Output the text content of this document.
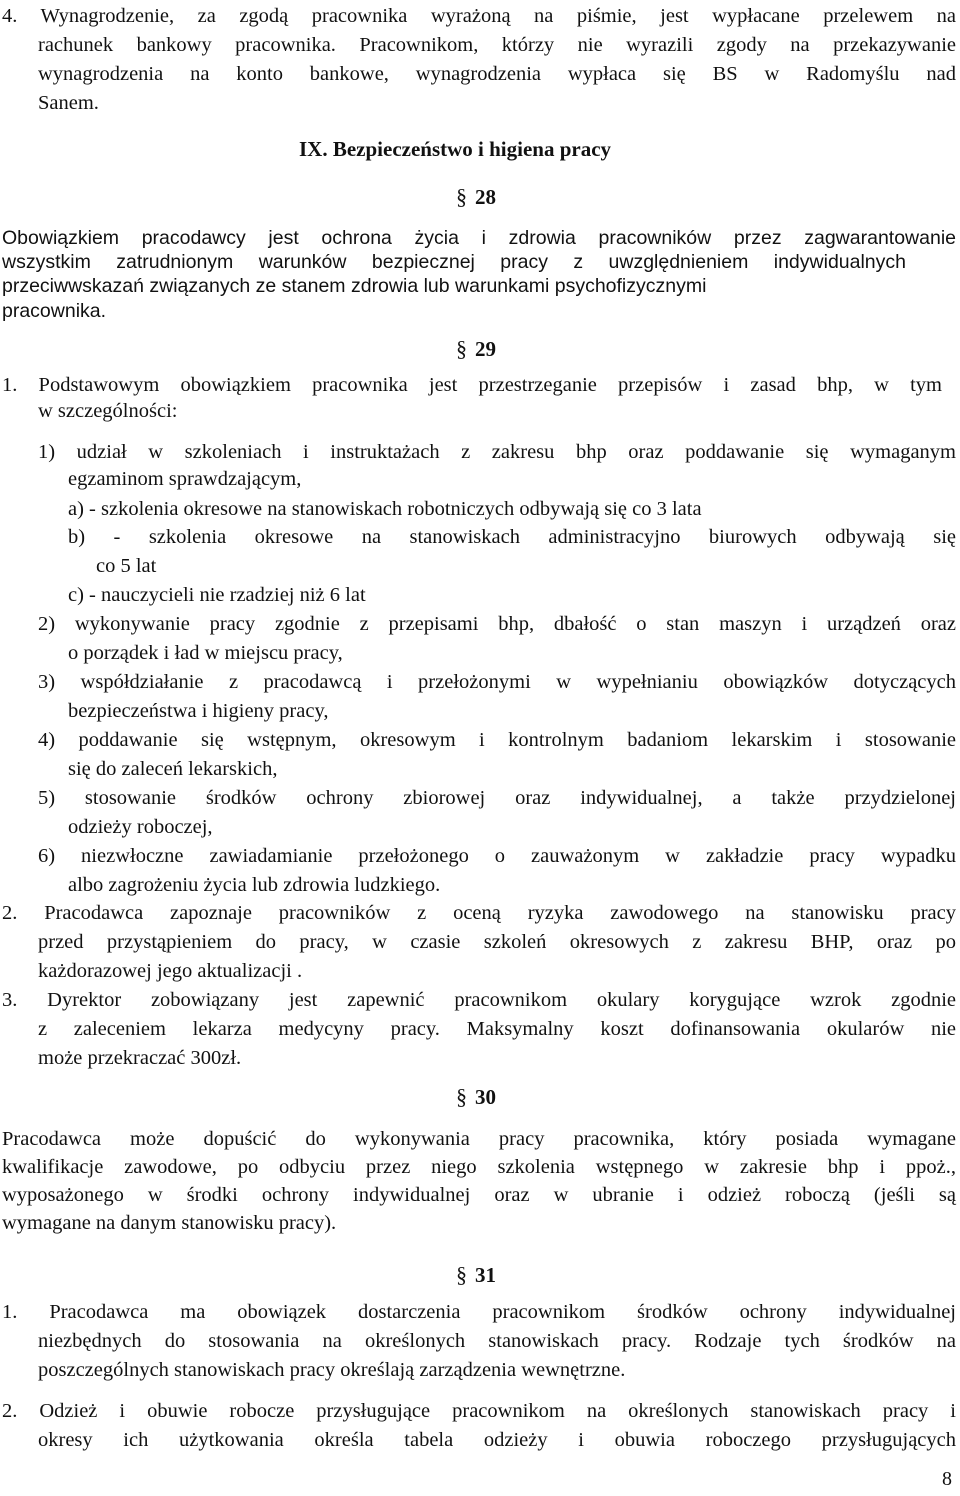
4. Wynagrodzenie, za zgodą pracownika wyrażoną na piśmie, jest wypłacane przelewem na
rachunek bankowy pracownika. Pracownikom, którzy nie wyrazili zgody na przekazywanie
wynagrodzenia na konto bankowe, wynagrodzenia wypłaca się BS w Radomyślu nad
Sanem.
IX. Bezpieczeństwo i higiena pracy
§ 28
Obowiązkiem pracodawcy jest ochrona życia i zdrowia pracowników przez zagwarantowanie
wszystkim zatrudnionym warunków bezpiecznej pracy z uwzględnieniem indywidualnych
przeciwwskazań związanych ze stanem zdrowia lub warunkami psychofizycznymi
pracownika.
§ 29
1. Podstawowym obowiązkiem pracownika jest przestrzeganie przepisów i zasad bhp, w tym
w szczególności:
1) udział w szkoleniach i instruktażach z zakresu bhp oraz poddawanie się wymaganym
egzaminom sprawdzającym,
a) - szkolenia okresowe na stanowiskach robotniczych odbywają się co 3 lata
b) - szkolenia okresowe na stanowiskach administracyjno biurowych odbywają się
co 5 lat
c) - nauczycieli nie rzadziej niż 6 lat
2) wykonywanie pracy zgodnie z przepisami bhp, dbałość o stan maszyn i urządzeń oraz
o porządek i ład w miejscu pracy,
3) współdziałanie z pracodawcą i przełożonymi w wypełnianiu obowiązków dotyczących
bezpieczeństwa i higieny pracy,
4) poddawanie się wstępnym, okresowym i kontrolnym badaniom lekarskim i stosowanie
się do zaleceń lekarskich,
5) stosowanie środków ochrony zbiorowej oraz indywidualnej, a także przydzielonej
odzieży roboczej,
6) niezwłoczne zawiadamianie przełożonego o zauważonym w zakładzie pracy wypadku
albo zagrożeniu życia lub zdrowia ludzkiego.
2. Pracodawca zapoznaje pracowników z oceną ryzyka zawodowego na stanowisku pracy
przed przystąpieniem do pracy, w czasie szkoleń okresowych z zakresu BHP, oraz po
każdorazowej jego aktualizacji .
3. Dyrektor zobowiązany jest zapewnić pracownikom okulary korygujące wzrok zgodnie
z zaleceniem lekarza medycyny pracy. Maksymalny koszt dofinansowania okularów nie
może przekraczać 300zł.
§ 30
Pracodawca może dopuścić do wykonywania pracy pracownika, który posiada wymagane
kwalifikacje zawodowe, po odbyciu przez niego szkolenia wstępnego w zakresie bhp i ppoż.,
wyposażonego w środki ochrony indywidualnej oraz w ubranie i odzież roboczą (jeśli są
wymagane na danym stanowisku pracy).
§ 31
1. Pracodawca ma obowiązek dostarczenia pracownikom środków ochrony indywidualnej
niezbędnych do stosowania na określonych stanowiskach pracy. Rodzaje tych środków na
poszczególnych stanowiskach pracy określają zarządzenia wewnętrzne.
2. Odzież i obuwie robocze przysługujące pracownikom na określonych stanowiskach pracy i
okresy ich użytkowania określa tabela odzieży i obuwia roboczego przysługujących
8
